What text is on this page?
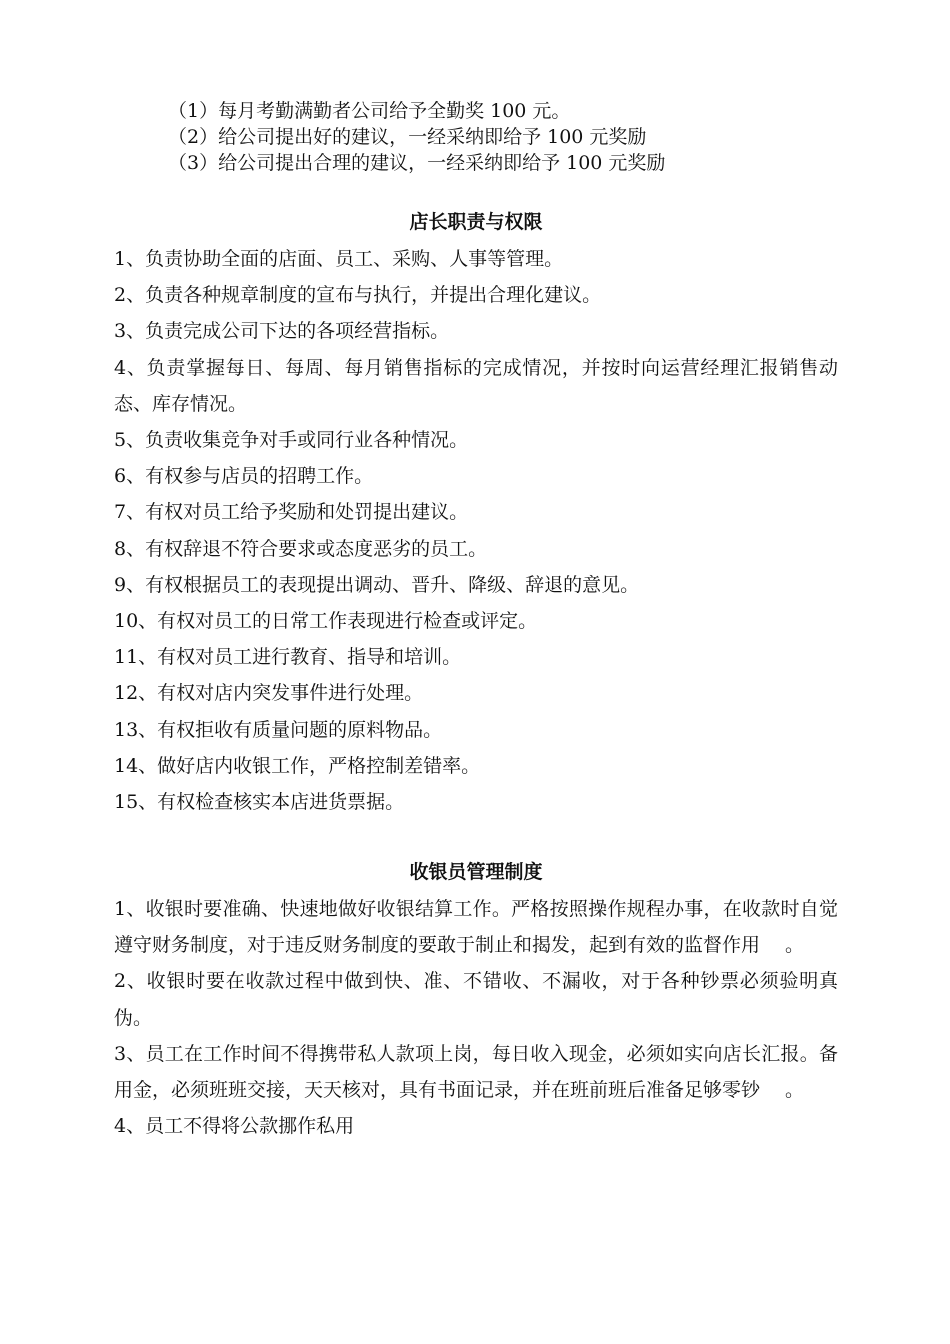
（1）每月考勤满勤者公司给予全勤奖 100 元。
（2）给公司提出好的建议，一经采纳即给予 100 元奖励
（3）给公司提出合理的建议，一经采纳即给予 100 元奖励
店长职责与权限
1、负责协助全面的店面、员工、采购、人事等管理。
2、负责各种规章制度的宣布与执行，并提出合理化建议。
3、负责完成公司下达的各项经营指标。
4、负责掌握每日、每周、每月销售指标的完成情况，并按时向运营经理汇报销售动态、库存情况。
5、负责收集竞争对手或同行业各种情况。
6、有权参与店员的招聘工作。
7、有权对员工给予奖励和处罚提出建议。
8、有权辞退不符合要求或态度恶劣的员工。
9、有权根据员工的表现提出调动、晋升、降级、辞退的意见。
10、有权对员工的日常工作表现进行检查或评定。
11、有权对员工进行教育、指导和培训。
12、有权对店内突发事件进行处理。
13、有权拒收有质量问题的原料物品。
14、做好店内收银工作，严格控制差错率。
15、有权检查核实本店进货票据。
收银员管理制度
1、收银时要准确、快速地做好收银结算工作。严格按照操作规程办事，在收款时自觉遵守财务制度，对于违反财务制度的要敢于制止和揭发，起到有效的监督作用 　。
2、收银时要在收款过程中做到快、准、不错收、不漏收，对于各种钞票必须验明真伪。
3、员工在工作时间不得携带私人款项上岗，每日收入现金，必须如实向店长汇报。备用金，必须班班交接，天天核对，具有书面记录，并在班前班后准备足够零钞 　。
4、员工不得将公款挪作私用
